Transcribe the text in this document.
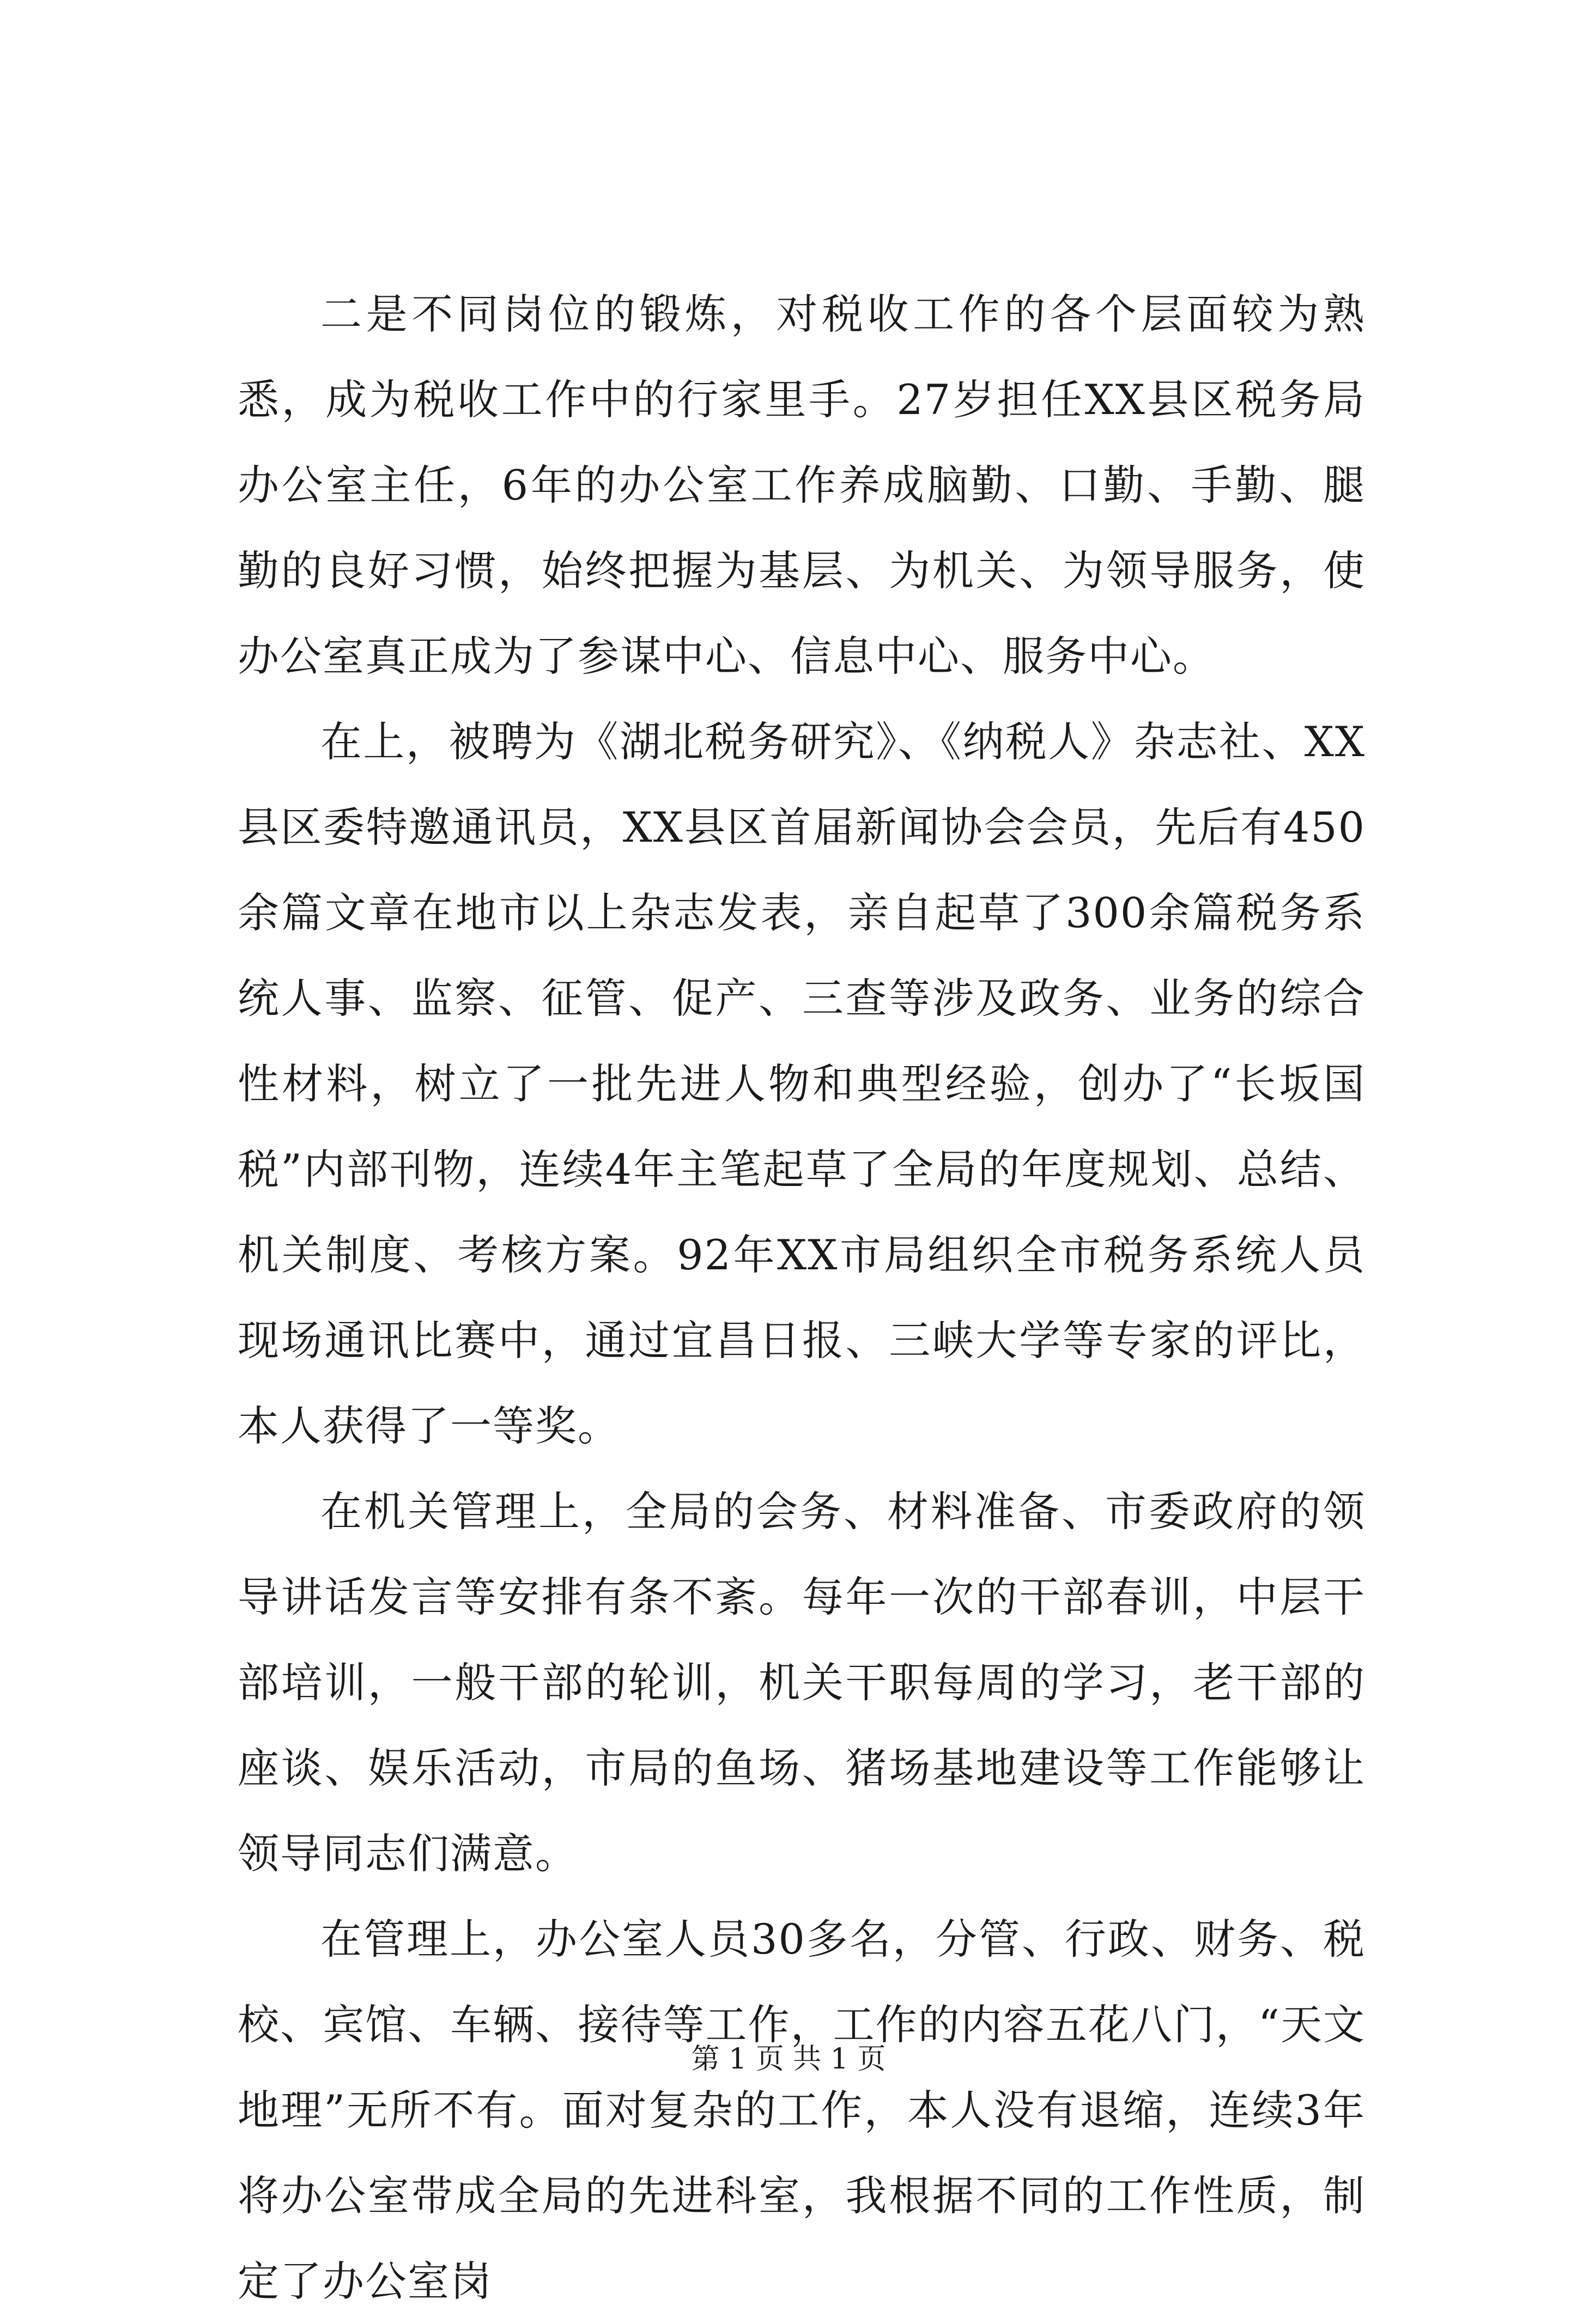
二是不同岗位的锻炼，对税收工作的各个层面较为熟悉，成为税收工作中的行家里手。27岁担任XX县区税务局办公室主任，6年的办公室工作养成脑勤、口勤、手勤、腿勤的良好习惯，始终把握为基层、为机关、为领导服务，使办公室真正成为了参谋中心、信息中心、服务中心。

在上，被聘为《湖北税务研究》、《纳税人》杂志社、XX县区委特邀通讯员，XX县区首届新闻协会会员，先后有450余篇文章在地市以上杂志发表，亲自起草了300余篇税务系统人事、监察、征管、促产、三查等涉及政务、业务的综合性材料，树立了一批先进人物和典型经验，创办了“长坂国税”内部刊物，连续4年主笔起草了全局的年度规划、总结、机关制度、考核方案。92年XX市局组织全市税务系统人员现场通讯比赛中，通过宜昌日报、三峡大学等专家的评比，本人获得了一等奖。

在机关管理上，全局的会务、材料准备、市委政府的领导讲话发言等安排有条不紊。每年一次的干部春训，中层干部培训，一般干部的轮训，机关干职每周的学习，老干部的座谈、娱乐活动，市局的鱼场、猪场基地建设等工作能够让领导同志们满意。

在管理上，办公室人员30多名，分管、行政、财务、税校、宾馆、车辆、接待等工作，工作的内容五花八门，“天文地理”无所不有。面对复杂的工作，本人没有退缩，连续3年将办公室带成全局的先进科室，我根据不同的工作性质，制定了办公室岗

第 1 页 共 1 页
